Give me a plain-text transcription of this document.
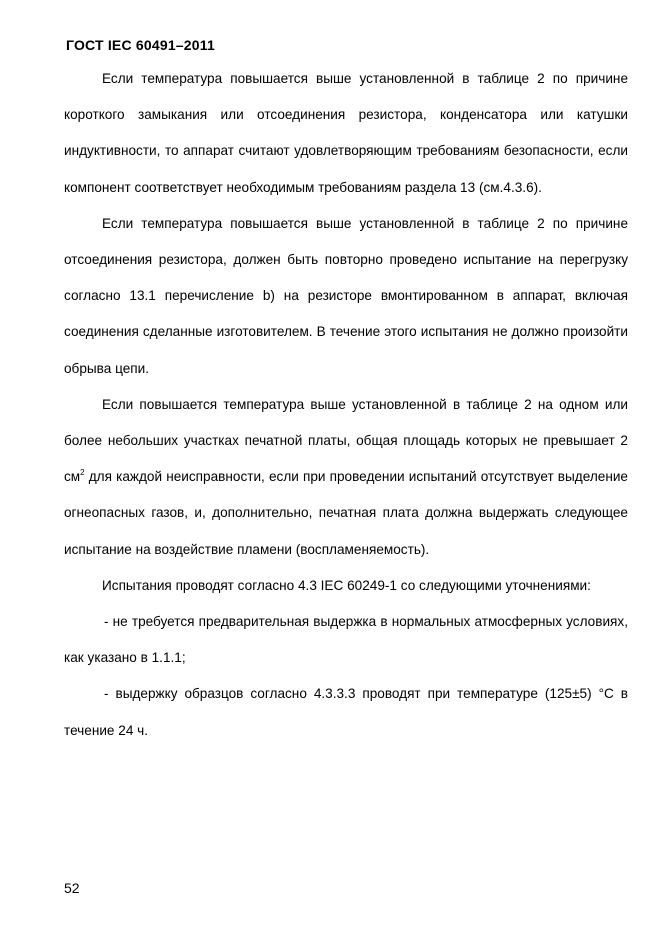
ГОСТ IEC 60491–2011

Если температура повышается выше установленной в таблице 2 по причине короткого замыкания или отсоединения резистора, конденсатора или катушки индуктивности, то аппарат считают удовлетворяющим требованиям безопасности, если компонент соответствует необходимым требованиям раздела 13 (см.4.3.6).

Если температура повышается выше установленной в таблице 2 по причине отсоединения резистора, должен быть повторно проведено испытание на перегрузку согласно 13.1 перечисление b) на резисторе вмонтированном в аппарат, включая соединения сделанные изготовителем. В течение этого испытания не должно произойти обрыва цепи.

Если повышается температура выше установленной в таблице 2 на одном или более небольших участках печатной платы, общая площадь которых не превышает 2 $см^2$ для каждой неисправности, если при проведении испытаний отсутствует выделение огнеопасных газов, и, дополнительно, печатная плата должна выдержать следующее испытание на воздействие пламени (воспламеняемость).

Испытания проводят согласно 4.3 IEC 60249-1 со следующими уточнениями:

- не требуется предварительная выдержка в нормальных атмосферных условиях, как указано в 1.1.1;

- выдержку образцов согласно 4.3.3.3 проводят при температуре (125±5) °С в течение 24 ч.

52
